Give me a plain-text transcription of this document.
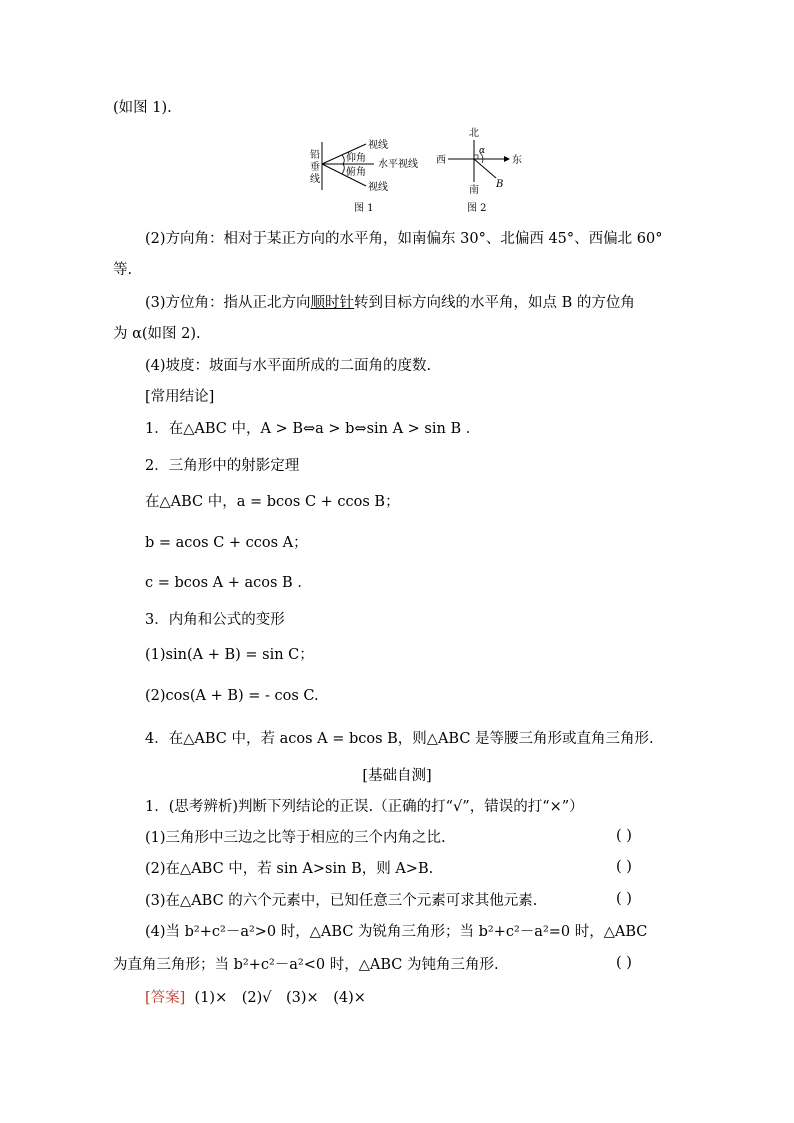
(如图 1).
铅
垂
线
视线
仰角
水平视线
俯角
视线
图 1
北
南
西	东
α
B
图 2
(2)方向角：相对于某正方向的水平角，如南偏东 30°、北偏西 45°、西偏北 60°
等.
(3)方位角：指从正北方向顺时针转到目标方向线的水平角，如点 B 的方位角
为 α(如图 2).
(4)坡度：坡面与水平面所成的二面角的度数.
[常用结论]
1．在△ABC 中，A > B⇔a > b⇔sin A > sin B ．
2．三角形中的射影定理
在△ABC 中，a = bcos C + ccos B；
b = acos C + ccos A；
c = bcos A + acos B ．
3．内角和公式的变形
(1)sin(A + B) = sin C；
(2)cos(A + B) = - cos C.
4．在△ABC 中，若 acos A = bcos B，则△ABC 是等腰三角形或直角三角形.
[基础自测]
1．(思考辨析)判断下列结论的正误.（正确的打“√”，错误的打“×”）
(1)三角形中三边之比等于相应的三个内角之比.	( )
(2)在△ABC 中，若 sin A>sin B，则 A>B.	( )
(3)在△ABC 的六个元素中，已知任意三个元素可求其他元素.	( )
(4)当 b²+c²－a²>0 时，△ABC 为锐角三角形；当 b²+c²－a²=0 时，△ABC
为直角三角形；当 b²+c²－a²<0 时，△ABC 为钝角三角形.	( )
[答案] (1)×　(2)√　(3)×　(4)×
